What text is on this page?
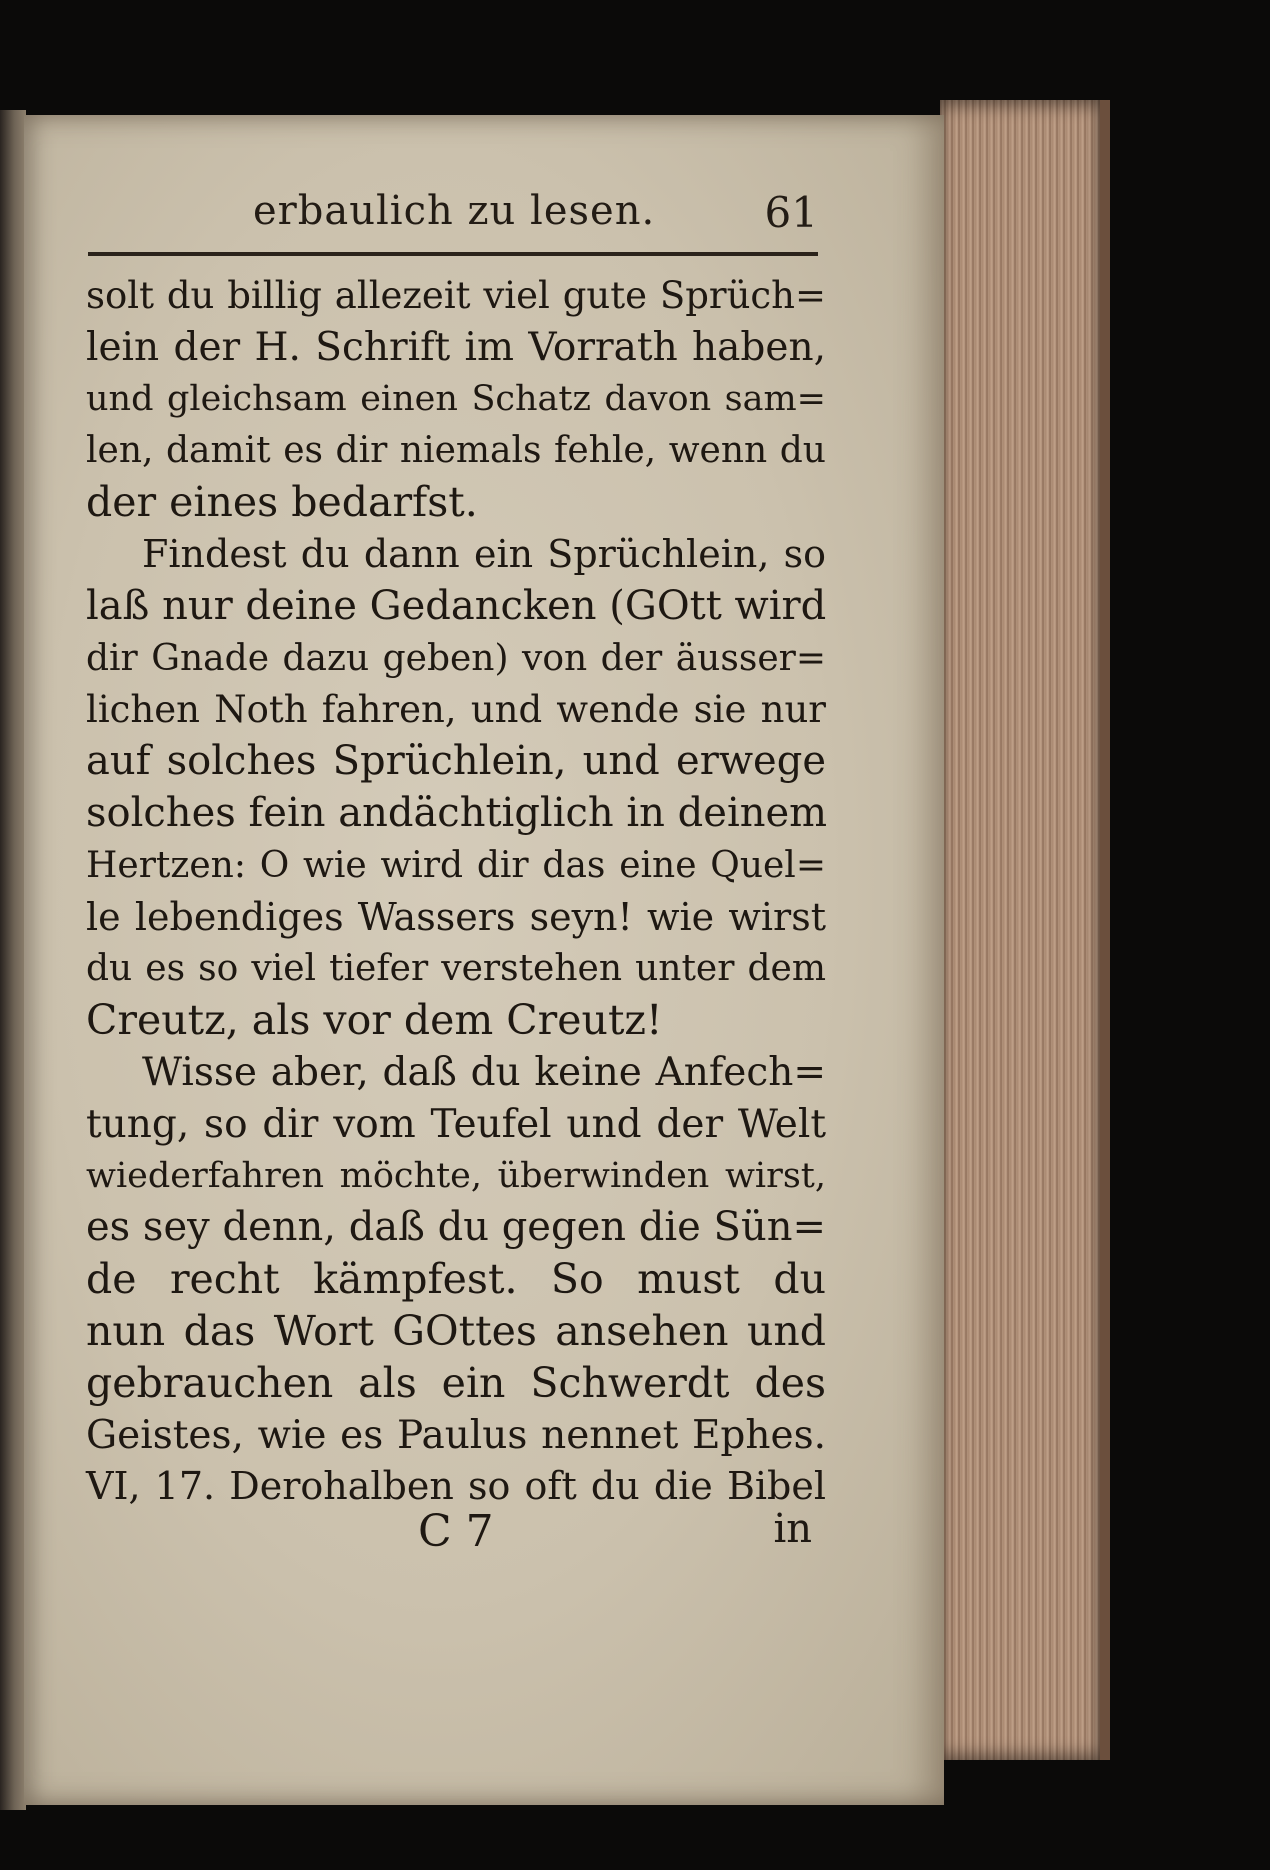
erbaulich zu lesen.	61
solt du billig allezeit viel gute Sprüch=
lein der H. Schrift im Vorrath haben,
und gleichsam einen Schatz davon sam=
len, damit es dir niemals fehle, wenn du
der eines bedarfst.
Findest du dann ein Sprüchlein, so
laß nur deine Gedancken (GOtt wird
dir Gnade dazu geben) von der äusser=
lichen Noth fahren, und wende sie nur
auf solches Sprüchlein, und erwege
solches fein andächtiglich in deinem
Hertzen: O wie wird dir das eine Quel=
le lebendiges Wassers seyn! wie wirst
du es so viel tiefer verstehen unter dem
Creutz, als vor dem Creutz!
Wisse aber, daß du keine Anfech=
tung, so dir vom Teufel und der Welt
wiederfahren möchte, überwinden wirst,
es sey denn, daß du gegen die Sün=
de recht kämpfest. So must du
nun das Wort GOttes ansehen und
gebrauchen als ein Schwerdt des
Geistes, wie es Paulus nennet Ephes.
VI, 17. Derohalben so oft du die Bibel
C 7	in
